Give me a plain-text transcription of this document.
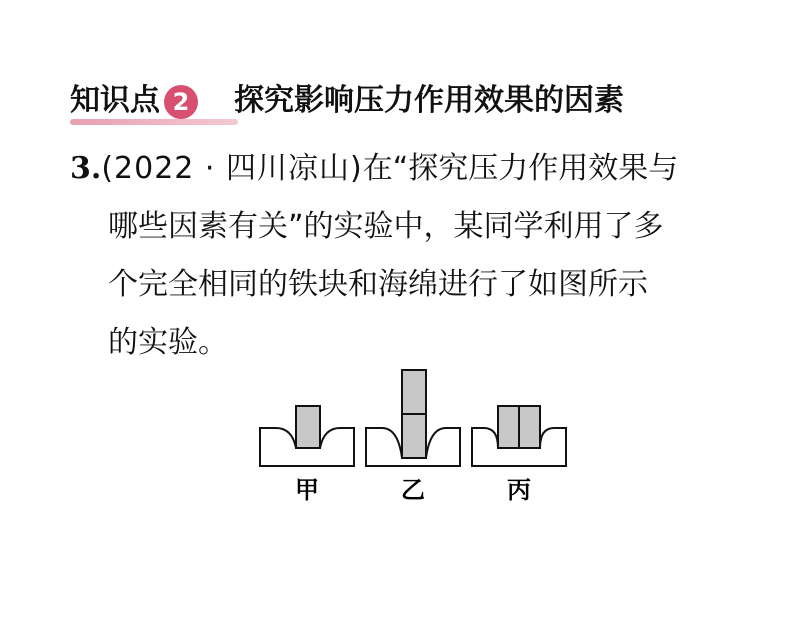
知识点 2 探究影响压力作用效果的因素
3.(2022 · 四川凉山)在“探究压力作用效果与
哪些因素有关”的实验中，某同学利用了多
个完全相同的铁块和海绵进行了如图所示
的实验。
甲	乙	丙
